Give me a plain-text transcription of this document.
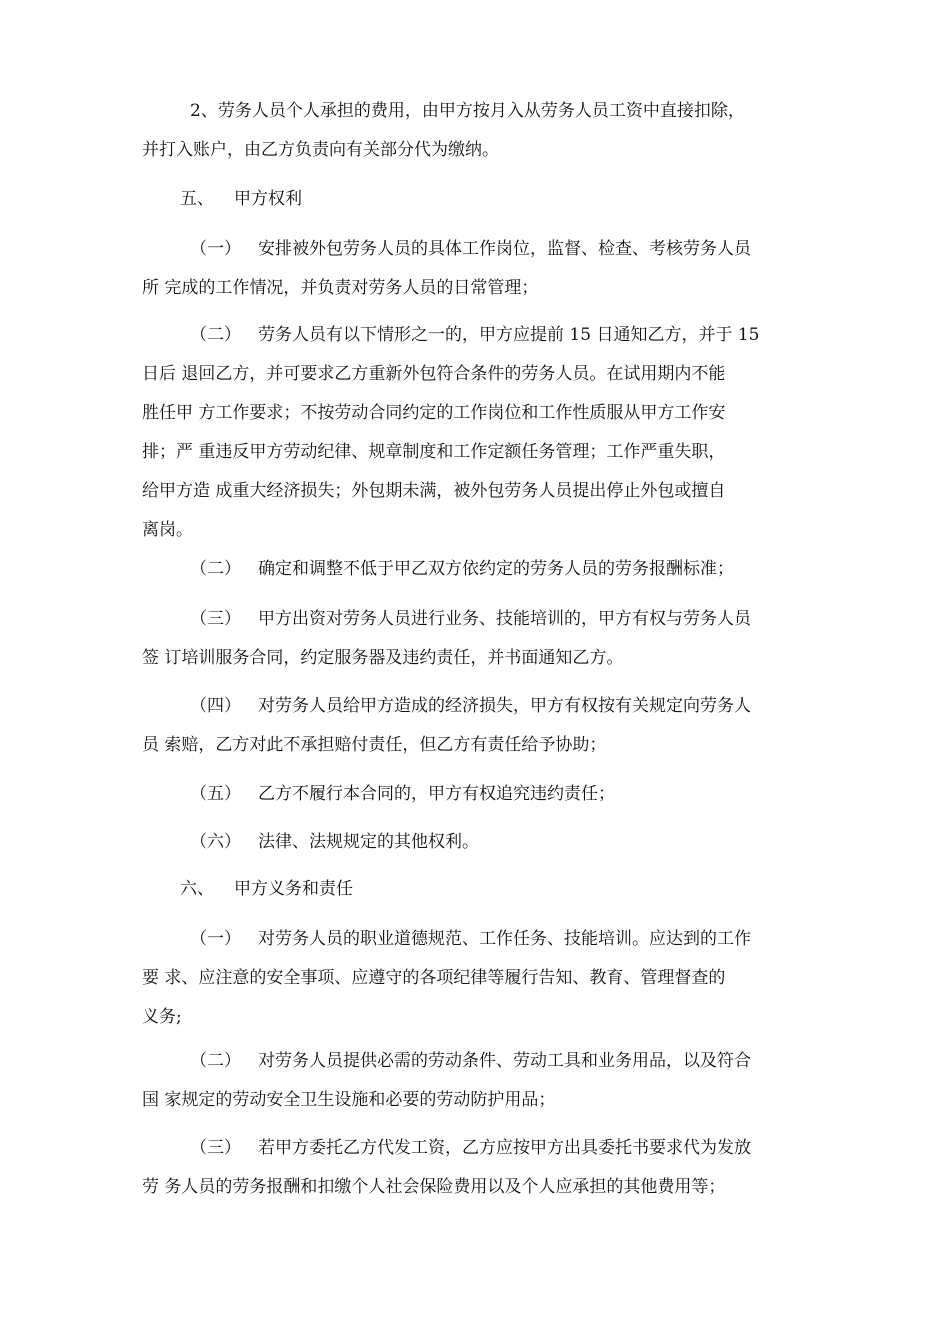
2、劳务人员个人承担的费用，由甲方按月入从劳务人员工资中直接扣除，
并打入账户，由乙方负责向有关部分代为缴纳。
五、 甲方权利
（一） 安排被外包劳务人员的具体工作岗位，监督、检查、考核劳务人员
所 完成的工作情况，并负责对劳务人员的日常管理；
（二） 劳务人员有以下情形之一的，甲方应提前 15 日通知乙方，并于 15
日后 退回乙方，并可要求乙方重新外包符合条件的劳务人员。在试用期内不能
胜任甲 方工作要求；不按劳动合同约定的工作岗位和工作性质服从甲方工作安
排；严 重违反甲方劳动纪律、规章制度和工作定额任务管理；工作严重失职，
给甲方造 成重大经济损失；外包期未满，被外包劳务人员提出停止外包或擅自
离岗。
（二） 确定和调整不低于甲乙双方依约定的劳务人员的劳务报酬标准；
（三） 甲方出资对劳务人员进行业务、技能培训的，甲方有权与劳务人员
签 订培训服务合同，约定服务器及违约责任，并书面通知乙方。
（四） 对劳务人员给甲方造成的经济损失，甲方有权按有关规定向劳务人
员 索赔，乙方对此不承担赔付责任，但乙方有责任给予协助；
（五） 乙方不履行本合同的，甲方有权追究违约责任；
（六） 法律、法规规定的其他权利。
六、 甲方义务和责任
（一） 对劳务人员的职业道德规范、工作任务、技能培训。应达到的工作
要 求、应注意的安全事项、应遵守的各项纪律等履行告知、教育、管理督查的
义务;
（二） 对劳务人员提供必需的劳动条件、劳动工具和业务用品，以及符合
国 家规定的劳动安全卫生设施和必要的劳动防护用品；
（三） 若甲方委托乙方代发工资，乙方应按甲方出具委托书要求代为发放
劳 务人员的劳务报酬和扣缴个人社会保险费用以及个人应承担的其他费用等；
